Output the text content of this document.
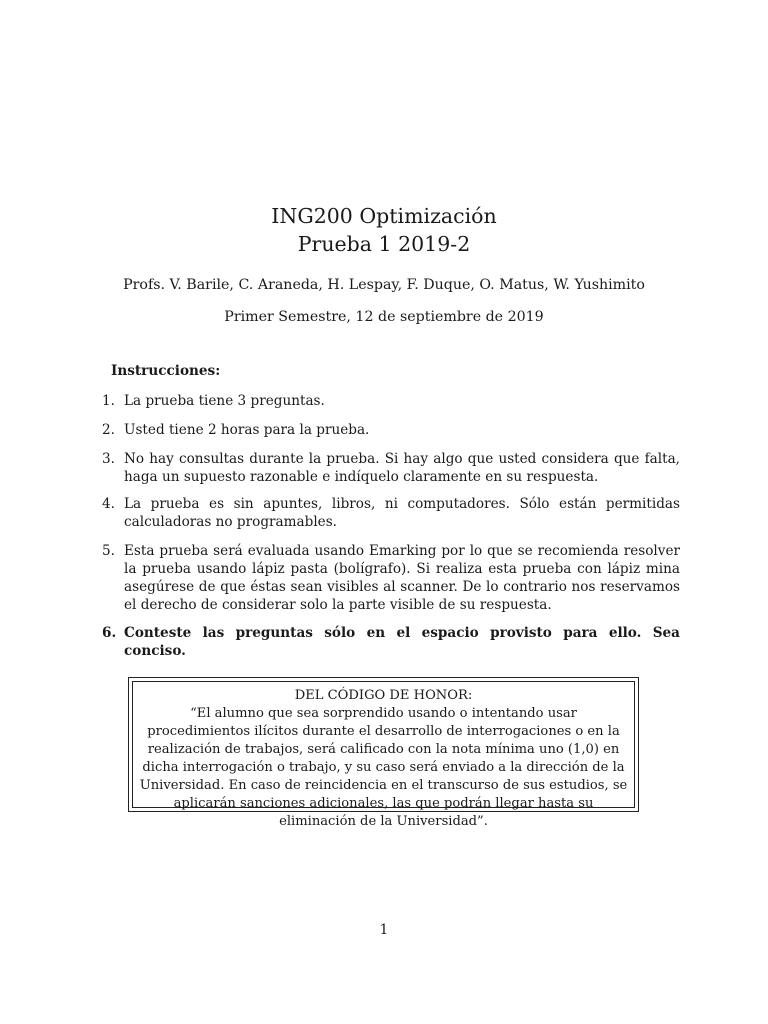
ING200 Optimización
Prueba 1 2019-2
Profs. V. Barile, C. Araneda, H. Lespay, F. Duque, O. Matus, W. Yushimito
Primer Semestre, 12 de septiembre de 2019
Instrucciones:
1. La prueba tiene 3 preguntas.
2. Usted tiene 2 horas para la prueba.
3. No hay consultas durante la prueba. Si hay algo que usted considera que falta, haga un supuesto razonable e indíquelo claramente en su respuesta.
4. La prueba es sin apuntes, libros, ni computadores. Sólo están permitidas calculadoras no programables.
5. Esta prueba será evaluada usando Emarking por lo que se recomienda resolver la prueba usando lápiz pasta (bolígrafo). Si realiza esta prueba con lápiz mina asegúrese de que éstas sean visibles al scanner. De lo contrario nos reservamos el derecho de considerar solo la parte visible de su respuesta.
6. Conteste las preguntas sólo en el espacio provisto para ello. Sea conciso.
DEL CÓDIGO DE HONOR:
“El alumno que sea sorprendido usando o intentando usar procedimientos ilícitos durante el desarrollo de interrogaciones o en la realización de trabajos, será calificado con la nota mínima uno (1,0) en dicha interrogación o trabajo, y su caso será enviado a la dirección de la Universidad. En caso de reincidencia en el transcurso de sus estudios, se aplicarán sanciones adicionales, las que podrán llegar hasta su eliminación de la Universidad”.
1
